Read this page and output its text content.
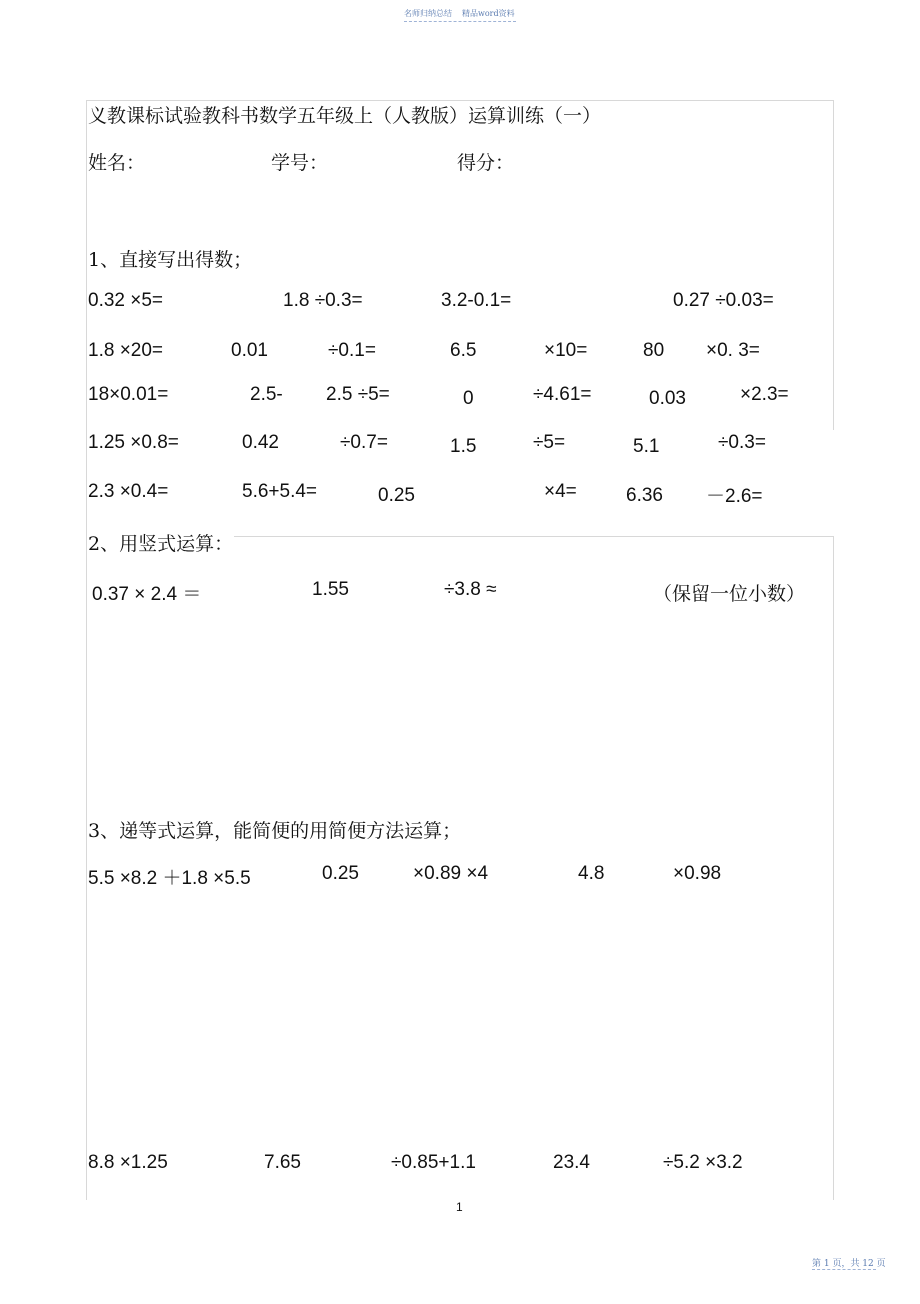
名师归纳总结 精品word资料
义教课标试验教科书数学五年级上（人教版）运算训练（一）
姓名：	学号：	得分：
1、直接写出得数；
0.32 ×5=	1.8 ÷0.3=	3.2-0.1=	0.27 ÷0.03=
1.8 ×20=	0.01	÷0.1=	6.5	×10=	80 ×0. 3=
18×0.01=	2.5- 2.5 ÷5=	0	÷4.61=	0.03	×2.3=
1.25 ×0.8=	0.42	÷0.7=	1.5	÷5=	5.1	÷0.3=
2.3 ×0.4=	5.6+5.4=	0.25	×4=	6.36 －2.6=
2、用竖式运算：
0.37 × 2.4 ＝	1.55	÷3.8 ≈	（保留一位小数）
3、递等式运算，能简便的用简便方法运算；
5.5 ×8.2 ＋1.8 ×5.5	0.25	×0.89 ×4	4.8	×0.98
8.8 ×1.25	7.65	÷0.85+1.1	23.4	÷5.2 ×3.2
1
第 1 页，共 12 页
